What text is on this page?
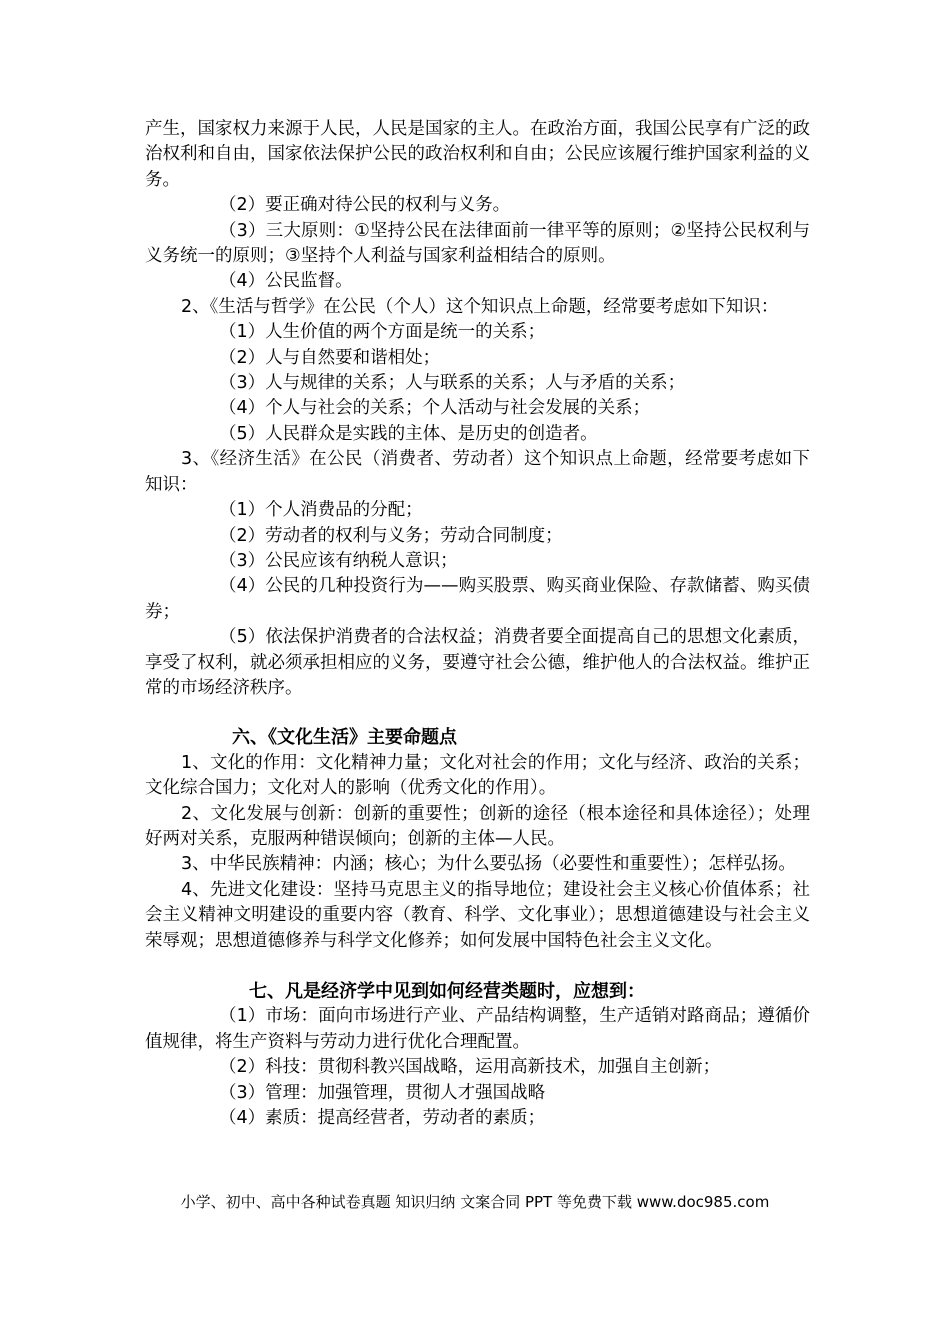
产生，国家权力来源于人民，人民是国家的主人。在政治方面，我国公民享有广泛的政治权利和自由，国家依法保护公民的政治权利和自由；公民应该履行维护国家利益的义务。

（2）要正确对待公民的权利与义务。

（3）三大原则：①坚持公民在法律面前一律平等的原则；②坚持公民权利与义务统一的原则；③坚持个人利益与国家利益相结合的原则。

（4）公民监督。

2、《生活与哲学》在公民（个人）这个知识点上命题，经常要考虑如下知识：

（1）人生价值的两个方面是统一的关系；

（2）人与自然要和谐相处；

（3）人与规律的关系；人与联系的关系；人与矛盾的关系；

（4）个人与社会的关系；个人活动与社会发展的关系；

（5）人民群众是实践的主体、是历史的创造者。

3、《经济生活》在公民（消费者、劳动者）这个知识点上命题，经常要考虑如下知识：

（1）个人消费品的分配；

（2）劳动者的权利与义务；劳动合同制度；

（3）公民应该有纳税人意识；

（4）公民的几种投资行为——购买股票、购买商业保险、存款储蓄、购买债券；

（5）依法保护消费者的合法权益；消费者要全面提高自己的思想文化素质，享受了权利，就必须承担相应的义务，要遵守社会公德，维护他人的合法权益。维护正常的市场经济秩序。

六、《文化生活》主要命题点

1、文化的作用：文化精神力量；文化对社会的作用；文化与经济、政治的关系；文化综合国力；文化对人的影响（优秀文化的作用）。

2、文化发展与创新：创新的重要性；创新的途径（根本途径和具体途径）；处理好两对关系，克服两种错误倾向；创新的主体—人民。

3、中华民族精神：内涵；核心；为什么要弘扬（必要性和重要性）；怎样弘扬。

4、先进文化建设：坚持马克思主义的指导地位；建设社会主义核心价值体系；社会主义精神文明建设的重要内容（教育、科学、文化事业）；思想道德建设与社会主义荣辱观；思想道德修养与科学文化修养；如何发展中国特色社会主义文化。

七、凡是经济学中见到如何经营类题时，应想到：

（1）市场：面向市场进行产业、产品结构调整，生产适销对路商品；遵循价值规律，将生产资料与劳动力进行优化合理配置。

（2）科技：贯彻科教兴国战略，运用高新技术，加强自主创新；

（3）管理：加强管理，贯彻人才强国战略

（4）素质：提高经营者，劳动者的素质；

小学、初中、高中各种试卷真题 知识归纳 文案合同 PPT 等免费下载 www.doc985.com
